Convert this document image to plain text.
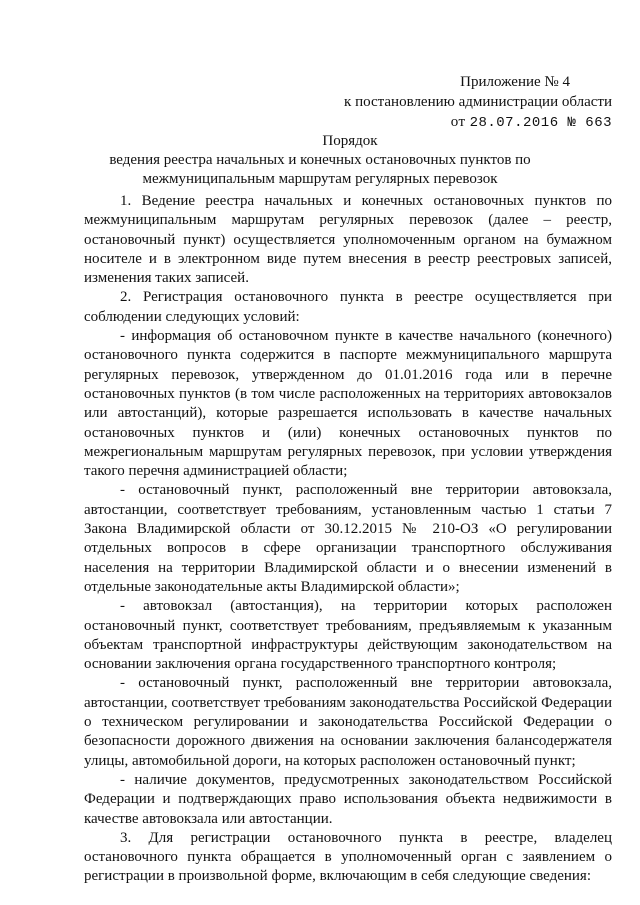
Приложение № 4
к постановлению администрации области
от 28.07.2016 № 663
Порядок
ведения реестра начальных и конечных остановочных пунктов по
межмуниципальным маршрутам регулярных перевозок

1. Ведение реестра начальных и конечных остановочных пунктов по межмуниципальным маршрутам регулярных перевозок (далее – реестр, остановочный пункт) осуществляется уполномоченным органом на бумажном носителе и в электронном виде путем внесения в реестр реестровых записей, изменения таких записей.

2. Регистрация остановочного пункта в реестре осуществляется при соблюдении следующих условий:

- информация об остановочном пункте в качестве начального (конечного) остановочного пункта содержится в паспорте межмуниципального маршрута регулярных перевозок, утвержденном до 01.01.2016 года или в перечне остановочных пунктов (в том числе расположенных на территориях автовокзалов или автостанций), которые разрешается использовать в качестве начальных остановочных пунктов и (или) конечных остановочных пунктов по межрегиональным маршрутам регулярных перевозок, при условии утверждения такого перечня администрацией области;

- остановочный пункт, расположенный вне территории автовокзала, автостанции, соответствует требованиям, установленным частью 1 статьи 7 Закона Владимирской области от 30.12.2015 № 210-ОЗ «О регулировании отдельных вопросов в сфере организации транспортного обслуживания населения на территории Владимирской области и о внесении изменений в отдельные законодательные акты Владимирской области»;

- автовокзал (автостанция), на территории которых расположен остановочный пункт, соответствует требованиям, предъявляемым к указанным объектам транспортной инфраструктуры действующим законодательством на основании заключения органа государственного транспортного контроля;

- остановочный пункт, расположенный вне территории автовокзала, автостанции, соответствует требованиям законодательства Российской Федерации о техническом регулировании и законодательства Российской Федерации о безопасности дорожного движения на основании заключения балансодержателя улицы, автомобильной дороги, на которых расположен остановочный пункт;

- наличие документов, предусмотренных законодательством Российской Федерации и подтверждающих право использования объекта недвижимости в качестве автовокзала или автостанции.

3. Для регистрации остановочного пункта в реестре, владелец остановочного пункта обращается в уполномоченный орган с заявлением о регистрации в произвольной форме, включающим в себя следующие сведения:
